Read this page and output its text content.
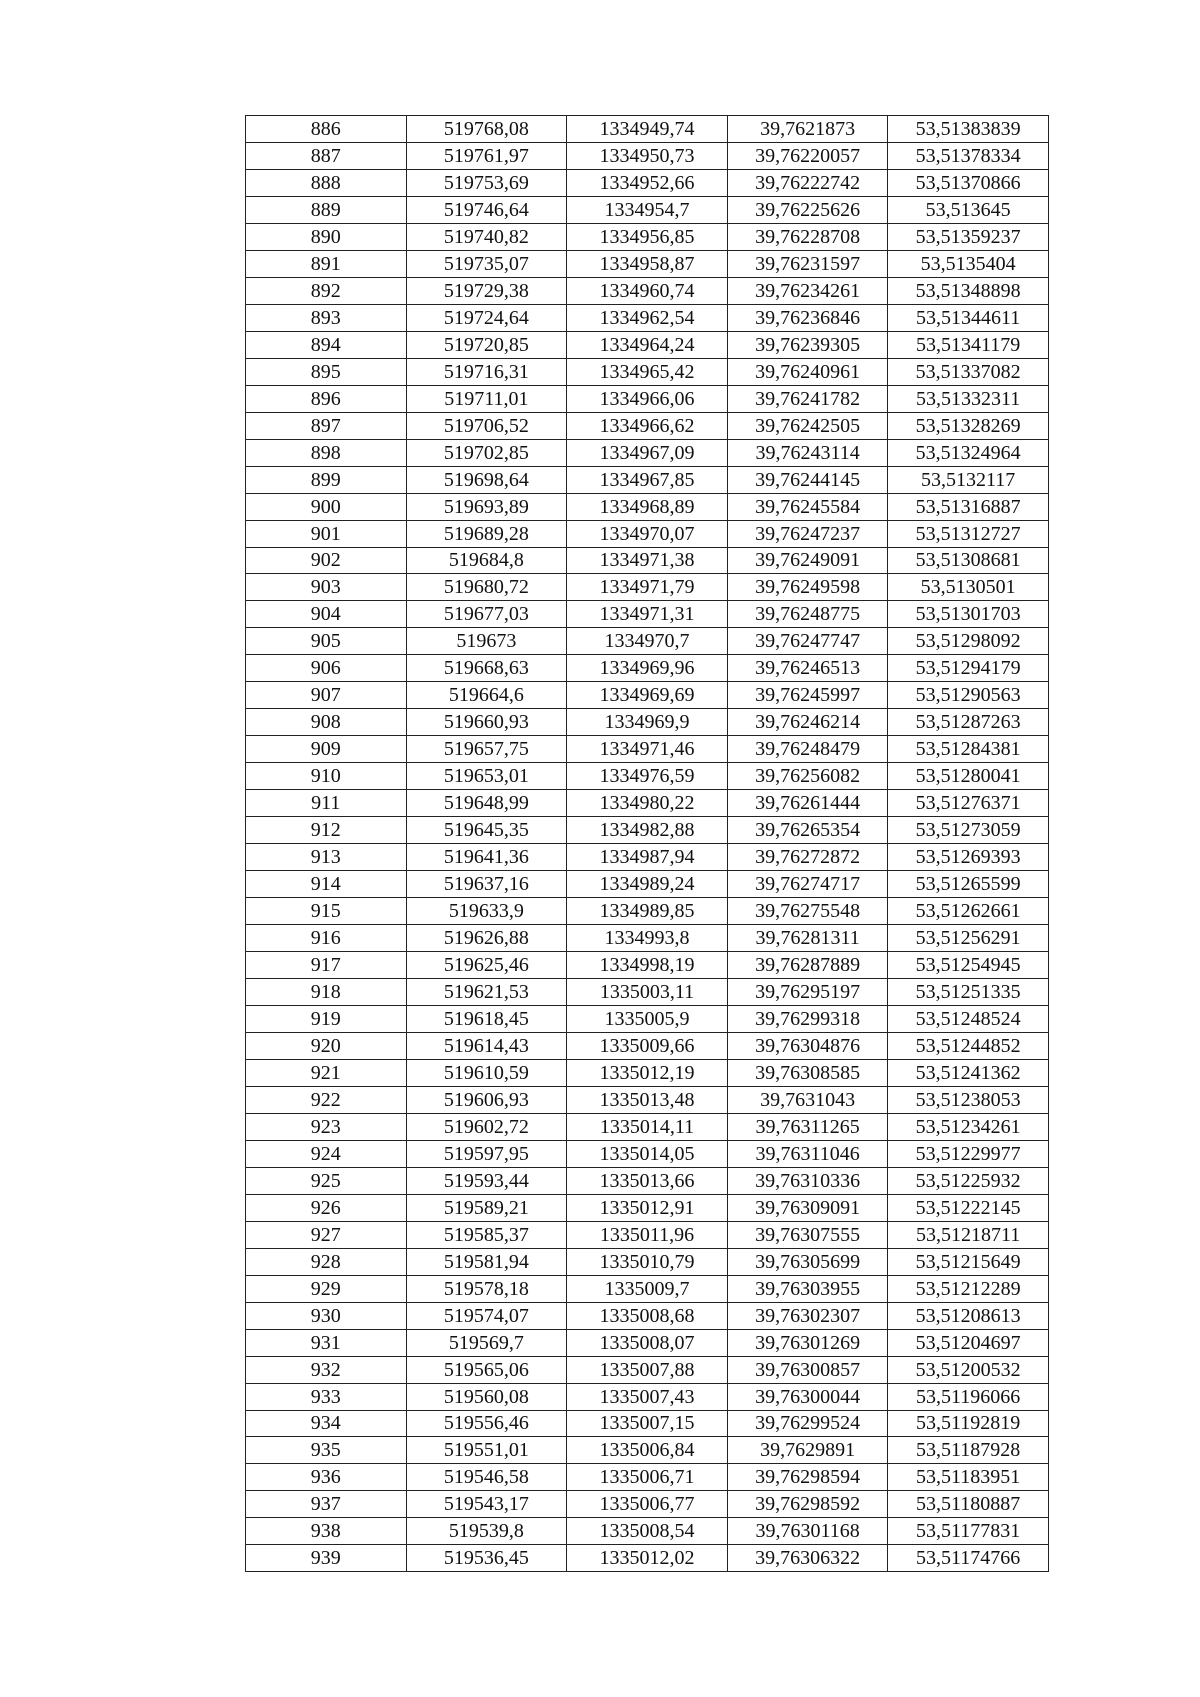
886	519768,08	1334949,74	39,7621873	53,51383839
887	519761,97	1334950,73	39,76220057	53,51378334
888	519753,69	1334952,66	39,76222742	53,51370866
889	519746,64	1334954,7	39,76225626	53,513645
890	519740,82	1334956,85	39,76228708	53,51359237
891	519735,07	1334958,87	39,76231597	53,5135404
892	519729,38	1334960,74	39,76234261	53,51348898
893	519724,64	1334962,54	39,76236846	53,51344611
894	519720,85	1334964,24	39,76239305	53,51341179
895	519716,31	1334965,42	39,76240961	53,51337082
896	519711,01	1334966,06	39,76241782	53,51332311
897	519706,52	1334966,62	39,76242505	53,51328269
898	519702,85	1334967,09	39,76243114	53,51324964
899	519698,64	1334967,85	39,76244145	53,5132117
900	519693,89	1334968,89	39,76245584	53,51316887
901	519689,28	1334970,07	39,76247237	53,51312727
902	519684,8	1334971,38	39,76249091	53,51308681
903	519680,72	1334971,79	39,76249598	53,5130501
904	519677,03	1334971,31	39,76248775	53,51301703
905	519673	1334970,7	39,76247747	53,51298092
906	519668,63	1334969,96	39,76246513	53,51294179
907	519664,6	1334969,69	39,76245997	53,51290563
908	519660,93	1334969,9	39,76246214	53,51287263
909	519657,75	1334971,46	39,76248479	53,51284381
910	519653,01	1334976,59	39,76256082	53,51280041
911	519648,99	1334980,22	39,76261444	53,51276371
912	519645,35	1334982,88	39,76265354	53,51273059
913	519641,36	1334987,94	39,76272872	53,51269393
914	519637,16	1334989,24	39,76274717	53,51265599
915	519633,9	1334989,85	39,76275548	53,51262661
916	519626,88	1334993,8	39,76281311	53,51256291
917	519625,46	1334998,19	39,76287889	53,51254945
918	519621,53	1335003,11	39,76295197	53,51251335
919	519618,45	1335005,9	39,76299318	53,51248524
920	519614,43	1335009,66	39,76304876	53,51244852
921	519610,59	1335012,19	39,76308585	53,51241362
922	519606,93	1335013,48	39,7631043	53,51238053
923	519602,72	1335014,11	39,76311265	53,51234261
924	519597,95	1335014,05	39,76311046	53,51229977
925	519593,44	1335013,66	39,76310336	53,51225932
926	519589,21	1335012,91	39,76309091	53,51222145
927	519585,37	1335011,96	39,76307555	53,51218711
928	519581,94	1335010,79	39,76305699	53,51215649
929	519578,18	1335009,7	39,76303955	53,51212289
930	519574,07	1335008,68	39,76302307	53,51208613
931	519569,7	1335008,07	39,76301269	53,51204697
932	519565,06	1335007,88	39,76300857	53,51200532
933	519560,08	1335007,43	39,76300044	53,51196066
934	519556,46	1335007,15	39,76299524	53,51192819
935	519551,01	1335006,84	39,7629891	53,51187928
936	519546,58	1335006,71	39,76298594	53,51183951
937	519543,17	1335006,77	39,76298592	53,51180887
938	519539,8	1335008,54	39,76301168	53,51177831
939	519536,45	1335012,02	39,76306322	53,51174766
